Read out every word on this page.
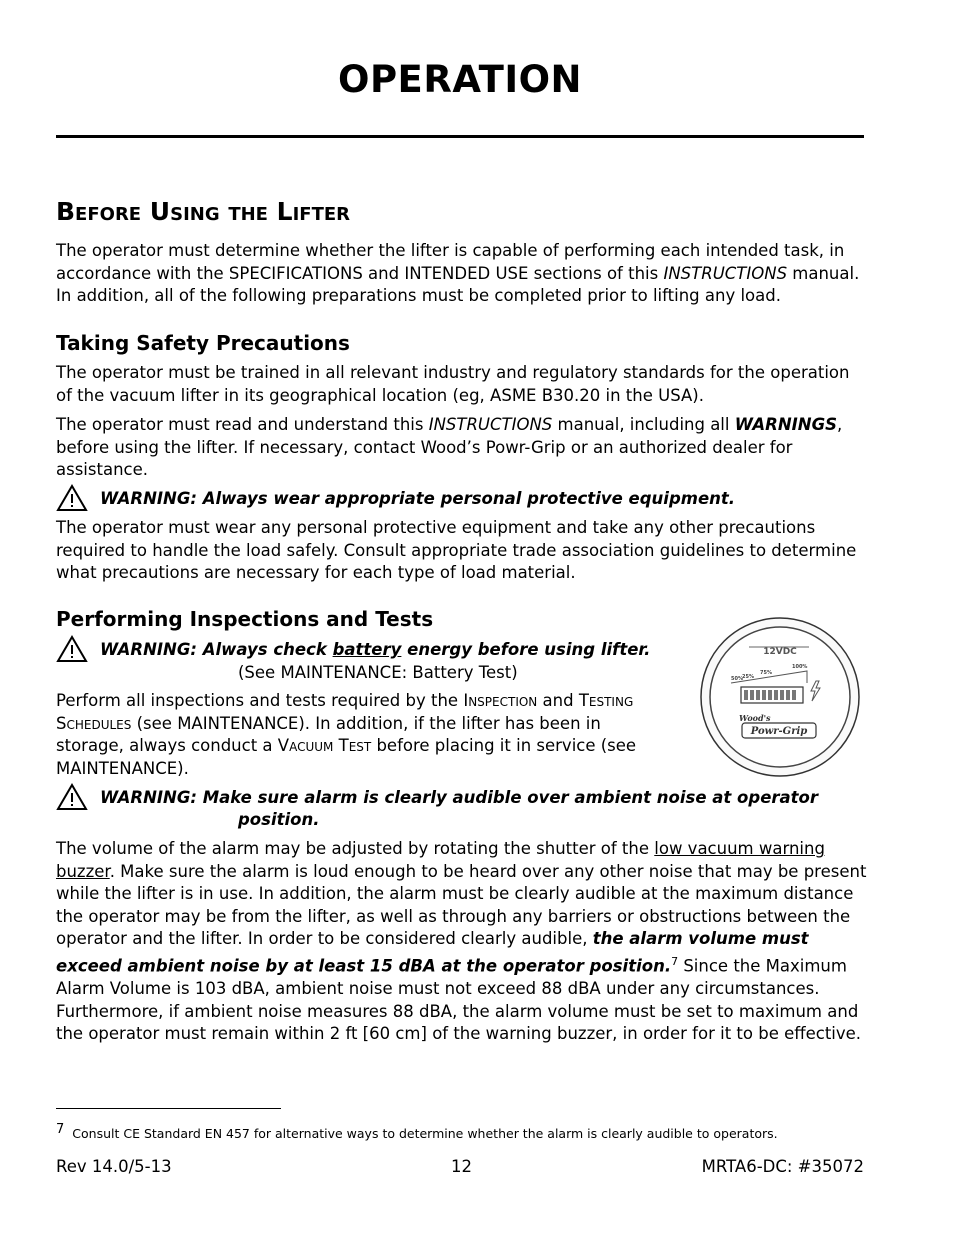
OPERATION
Before Using the Lifter

The operator must determine whether the lifter is capable of performing each intended task, in accordance with the SPECIFICATIONS and INTENDED USE sections of this INSTRUCTIONS manual. In addition, all of the following preparations must be completed prior to lifting any load.

Taking Safety Precautions

The operator must be trained in all relevant industry and regulatory standards for the operation of the vacuum lifter in its geographical location (eg, ASME B30.20 in the USA).

The operator must read and understand this INSTRUCTIONS manual, including all WARNINGS, before using the lifter. If necessary, contact Wood’s Powr-Grip or an authorized dealer for assistance.

WARNING: Always wear appropriate personal protective equipment.

The operator must wear any personal protective equipment and take any other precautions required to handle the load safely. Consult appropriate trade association guidelines to determine what precautions are necessary for each type of load material.

Performing Inspections and Tests
WARNING: Always check battery energy before using lifter.
(See MAINTENANCE: Battery Test)

Perform all inspections and tests required by the Inspection and Testing Schedules (see MAINTENANCE). In addition, if the lifter has been in storage, always conduct a Vacuum Test before placing it in service (see MAINTENANCE).

12VDC
50% 25%
75%
100%
Wood's
Powr-Grip
WARNING: Make sure alarm is clearly audible over ambient noise at operator
position.

The volume of the alarm may be adjusted by rotating the shutter of the low vacuum warning buzzer. Make sure the alarm is loud enough to be heard over any other noise that may be present while the lifter is in use. In addition, the alarm must be clearly audible at the maximum distance the operator may be from the lifter, as well as through any barriers or obstructions between the operator and the lifter. In order to be considered clearly audible, the alarm volume must exceed ambient noise by at least 15 dBA at the operator position.$^7$ Since the Maximum Alarm Volume is 103 dBA, ambient noise must not exceed 88 dBA under any circumstances. Furthermore, if ambient noise measures 88 dBA, the alarm volume must be set to maximum and the operator must remain within 2 ft [60 cm] of the warning buzzer, in order for it to be effective.

$^7$ Consult CE Standard EN 457 for alternative ways to determine whether the alarm is clearly audible to operators.
Rev 14.0/5-13	12	MRTA6-DC: #35072
